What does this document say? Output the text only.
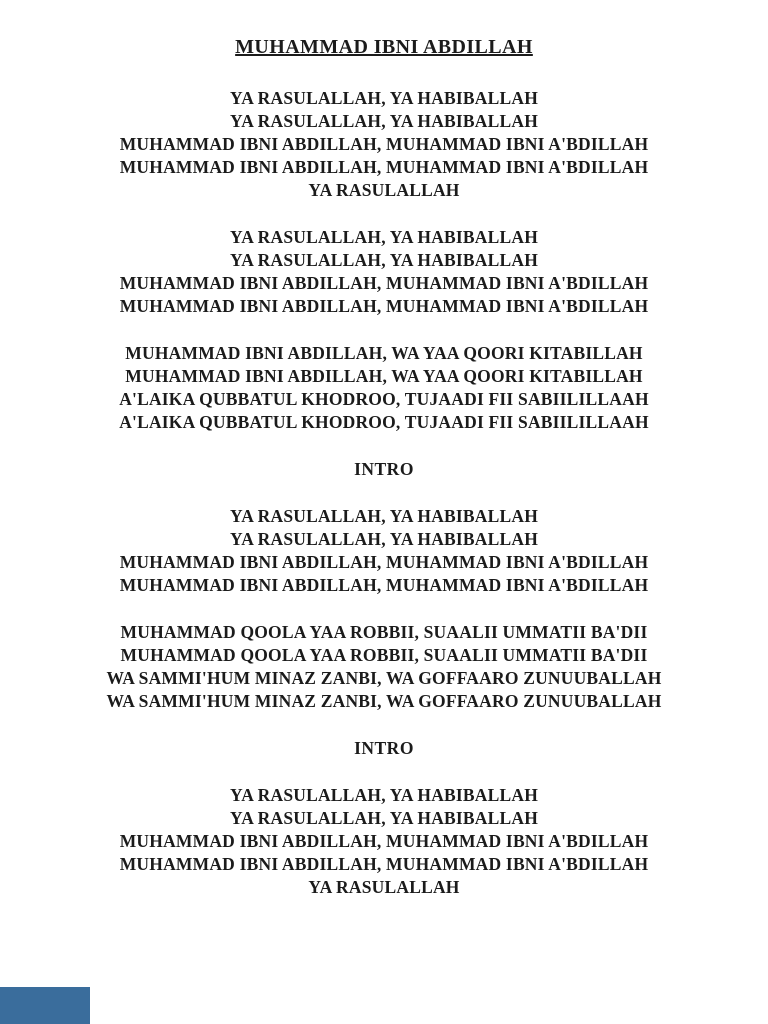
MUHAMMAD IBNI ABDILLAH
YA RASULALLAH, YA HABIBALLAH
YA RASULALLAH, YA HABIBALLAH
MUHAMMAD IBNI ABDILLAH, MUHAMMAD IBNI A'BDILLAH
MUHAMMAD IBNI ABDILLAH, MUHAMMAD IBNI A'BDILLAH
YA RASULALLAH
YA RASULALLAH, YA HABIBALLAH
YA RASULALLAH, YA HABIBALLAH
MUHAMMAD IBNI ABDILLAH, MUHAMMAD IBNI A'BDILLAH
MUHAMMAD IBNI ABDILLAH, MUHAMMAD IBNI A'BDILLAH
MUHAMMAD IBNI ABDILLAH, WA YAA QOORI KITABILLAH
MUHAMMAD IBNI ABDILLAH, WA YAA QOORI KITABILLAH
A'LAIKA QUBBATUL KHODROO, TUJAADI FII SABIILILLAAH
A'LAIKA QUBBATUL KHODROO, TUJAADI FII SABIILILLAAH
INTRO
YA RASULALLAH, YA HABIBALLAH
YA RASULALLAH, YA HABIBALLAH
MUHAMMAD IBNI ABDILLAH, MUHAMMAD IBNI A'BDILLAH
MUHAMMAD IBNI ABDILLAH, MUHAMMAD IBNI A'BDILLAH
MUHAMMAD QOOLA YAA ROBBII, SUAALII UMMATII BA'DII
MUHAMMAD QOOLA YAA ROBBII, SUAALII UMMATII BA'DII
WA SAMMI'HUM MINAZ ZANBI, WA GOFFAARO ZUNUUBALLAH
WA SAMMI'HUM MINAZ ZANBI, WA GOFFAARO ZUNUUBALLAH
INTRO
YA RASULALLAH, YA HABIBALLAH
YA RASULALLAH, YA HABIBALLAH
MUHAMMAD IBNI ABDILLAH, MUHAMMAD IBNI A'BDILLAH
MUHAMMAD IBNI ABDILLAH, MUHAMMAD IBNI A'BDILLAH
YA RASULALLAH
